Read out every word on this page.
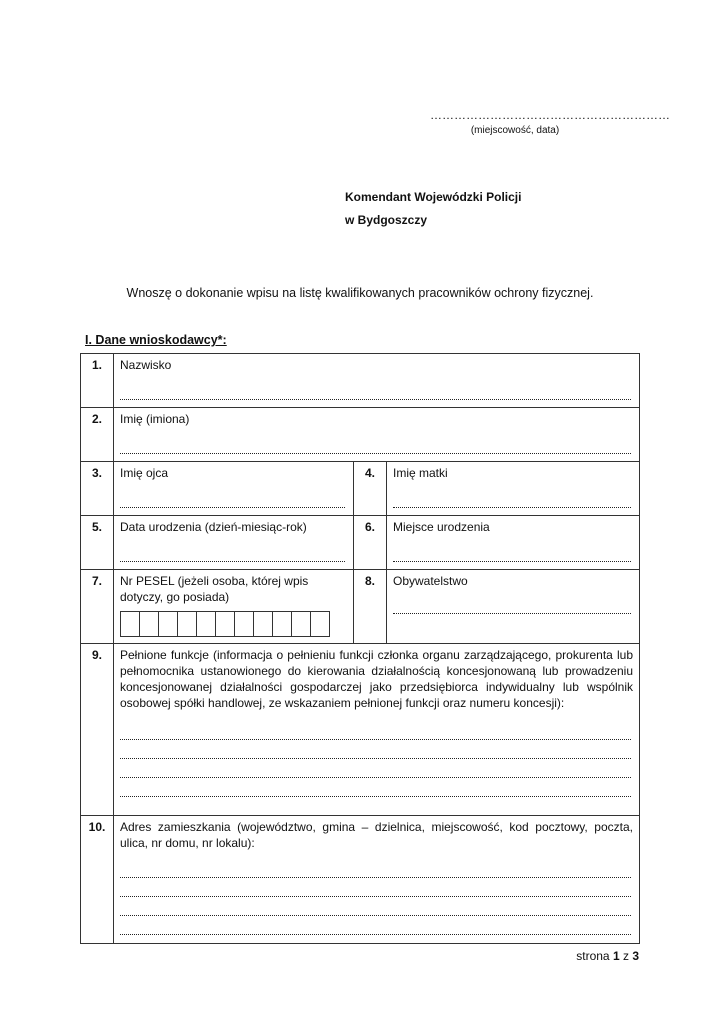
……………………………………………………
(miejscowość, data)
Komendant Wojewódzki Policji
w Bydgoszczy
Wnoszę o dokonanie wpisu na listę kwalifikowanych pracowników ochrony fizycznej.
I. Dane wnioskodawcy*:
1.	Nazwisko		

2.	Imię (imiona)		

3.	Imię ojca	4.	Imię matki

5.	Data urodzenia (dzień-miesiąc-rok)	6.	Miejsce urodzenia

7.	Nr PESEL (jeżeli osoba, której wpis dotyczy, go posiada)	8.	Obywatelstwo

9.	Pełnione funkcje (informacja o pełnieniu funkcji członka organu zarządzającego, prokurenta lub pełnomocnika ustanowionego do kierowania działalnością koncesjonowaną lub prowadzeniu koncesjonowanej działalności gospodarczej jako przedsiębiorca indywidualny lub wspólnik osobowej spółki handlowej, ze wskazaniem pełnionej funkcji oraz numeru koncesji):		

10.	Adres zamieszkania (województwo, gmina – dzielnica, miejscowość, kod pocztowy, poczta, ulica, nr domu, nr lokalu):		
strona 1 z 3
